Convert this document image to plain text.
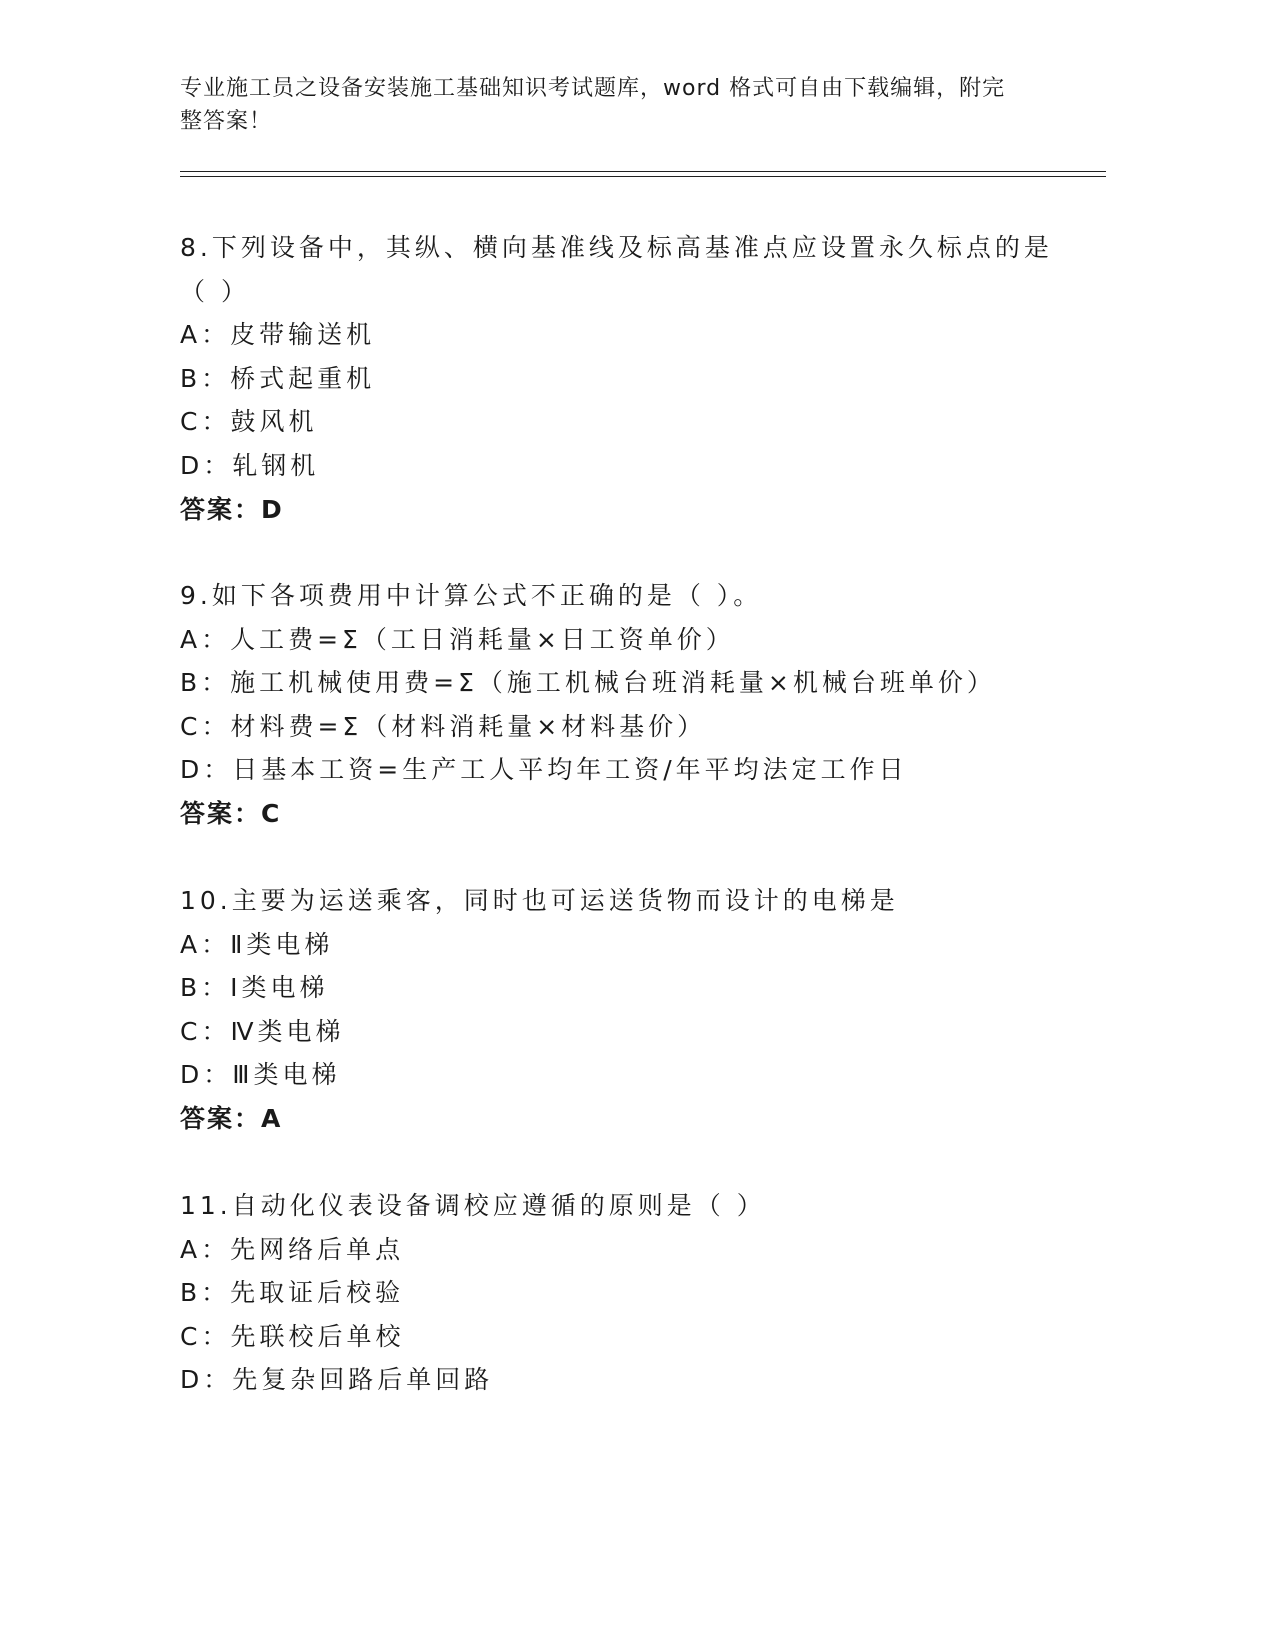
专业施工员之设备安装施工基础知识考试题库，word 格式可自由下载编辑，附完
整答案！
8.下列设备中，其纵、横向基准线及标高基准点应设置永久标点的是
（ ）
A：皮带输送机
B：桥式起重机
C：鼓风机
D：轧钢机
答案：D
9.如下各项费用中计算公式不正确的是（ ）。
A：人工费=Σ（工日消耗量×日工资单价）
B：施工机械使用费=Σ（施工机械台班消耗量×机械台班单价）
C：材料费=Σ（材料消耗量×材料基价）
D：日基本工资=生产工人平均年工资/年平均法定工作日
答案：C
10.主要为运送乘客，同时也可运送货物而设计的电梯是
A：Ⅱ类电梯
B：Ⅰ类电梯
C：Ⅳ类电梯
D：Ⅲ类电梯
答案：A
11.自动化仪表设备调校应遵循的原则是（ ）
A：先网络后单点
B：先取证后校验
C：先联校后单校
D：先复杂回路后单回路
